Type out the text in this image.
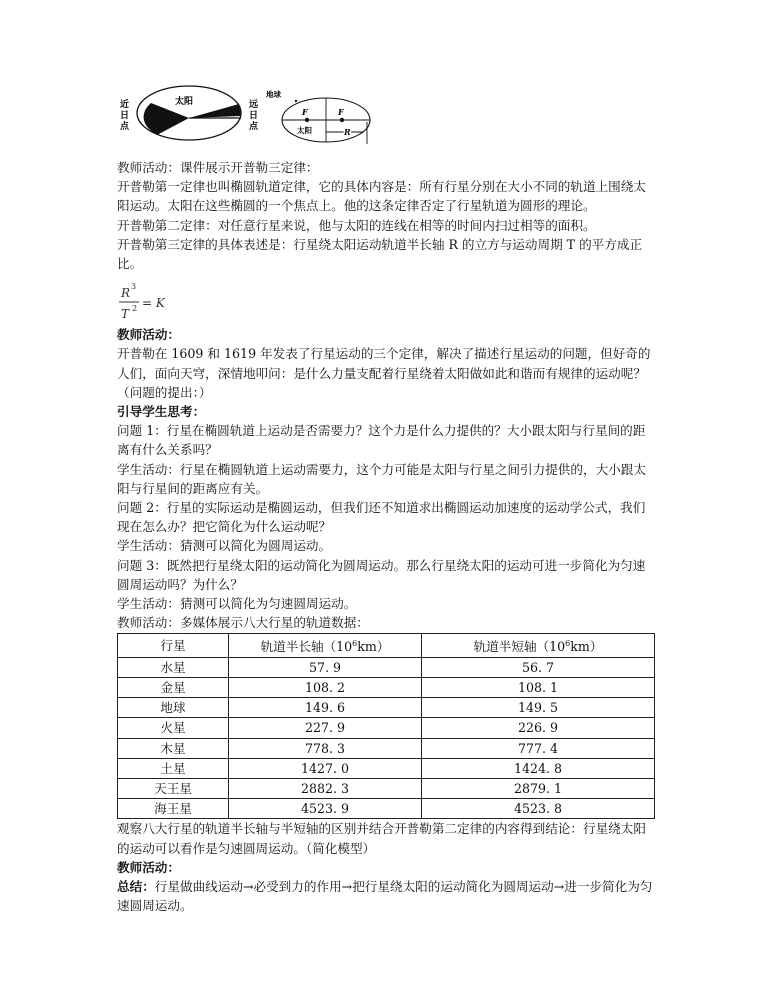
太阳
近
日
点
远
日
点
地球
F	F
太阳	R

教师活动：课件展示开普勒三定律：

开普勒第一定律也叫椭圆轨道定律，它的具体内容是：所有行星分别在大小不同的轨道上围绕太阳运动。太阳在这些椭圆的一个焦点上。他的这条定律否定了行星轨道为圆形的理论。

开普勒第二定律：对任意行星来说，他与太阳的连线在相等的时间内扫过相等的面积。

开普勒第三定律的具体表述是：行星绕太阳运动轨道半长轴 R 的立方与运动周期 T 的平方成正比。

R 3
T 2 = K

教师活动：

开普勒在 1609 和 1619 年发表了行星运动的三个定律，解决了描述行星运动的问题，但好奇的人们，面向天穹，深情地叩问：是什么力量支配着行星绕着太阳做如此和谐而有规律的运动呢？（问题的提出：）

引导学生思考：

问题 1：行星在椭圆轨道上运动是否需要力？这个力是什么力提供的？大小跟太阳与行星间的距离有什么关系吗？

学生活动：行星在椭圆轨道上运动需要力，这个力可能是太阳与行星之间引力提供的，大小跟太阳与行星间的距离应有关。

问题 2：行星的实际运动是椭圆运动，但我们还不知道求出椭圆运动加速度的运动学公式，我们现在怎么办？把它简化为什么运动呢？

学生活动：猜测可以简化为圆周运动。

问题 3：既然把行星绕太阳的运动简化为圆周运动。那么行星绕太阳的运动可进一步简化为匀速圆周运动吗？为什么？

学生活动：猜测可以简化为匀速圆周运动。

教师活动：多媒体展示八大行星的轨道数据：

行星	轨道半长轴$(10^6km)$	轨道半短轴$(10^6km)$
水星	57. 9	56. 7
金星	108. 2	108. 1
地球	149. 6	149. 5
火星	227. 9	226. 9
木星	778. 3	777. 4
土星	1427. 0	1424. 8
天王星	2882. 3	2879. 1
海王星	4523. 9	4523. 8

观察八大行星的轨道半长轴与半短轴的区别并结合开普勒第二定律的内容得到结论：行星绕太阳的运动可以看作是匀速圆周运动。（简化模型）

教师活动：

总结：行星做曲线运动→必受到力的作用→把行星绕太阳的运动简化为圆周运动→进一步简化为匀速圆周运动。
